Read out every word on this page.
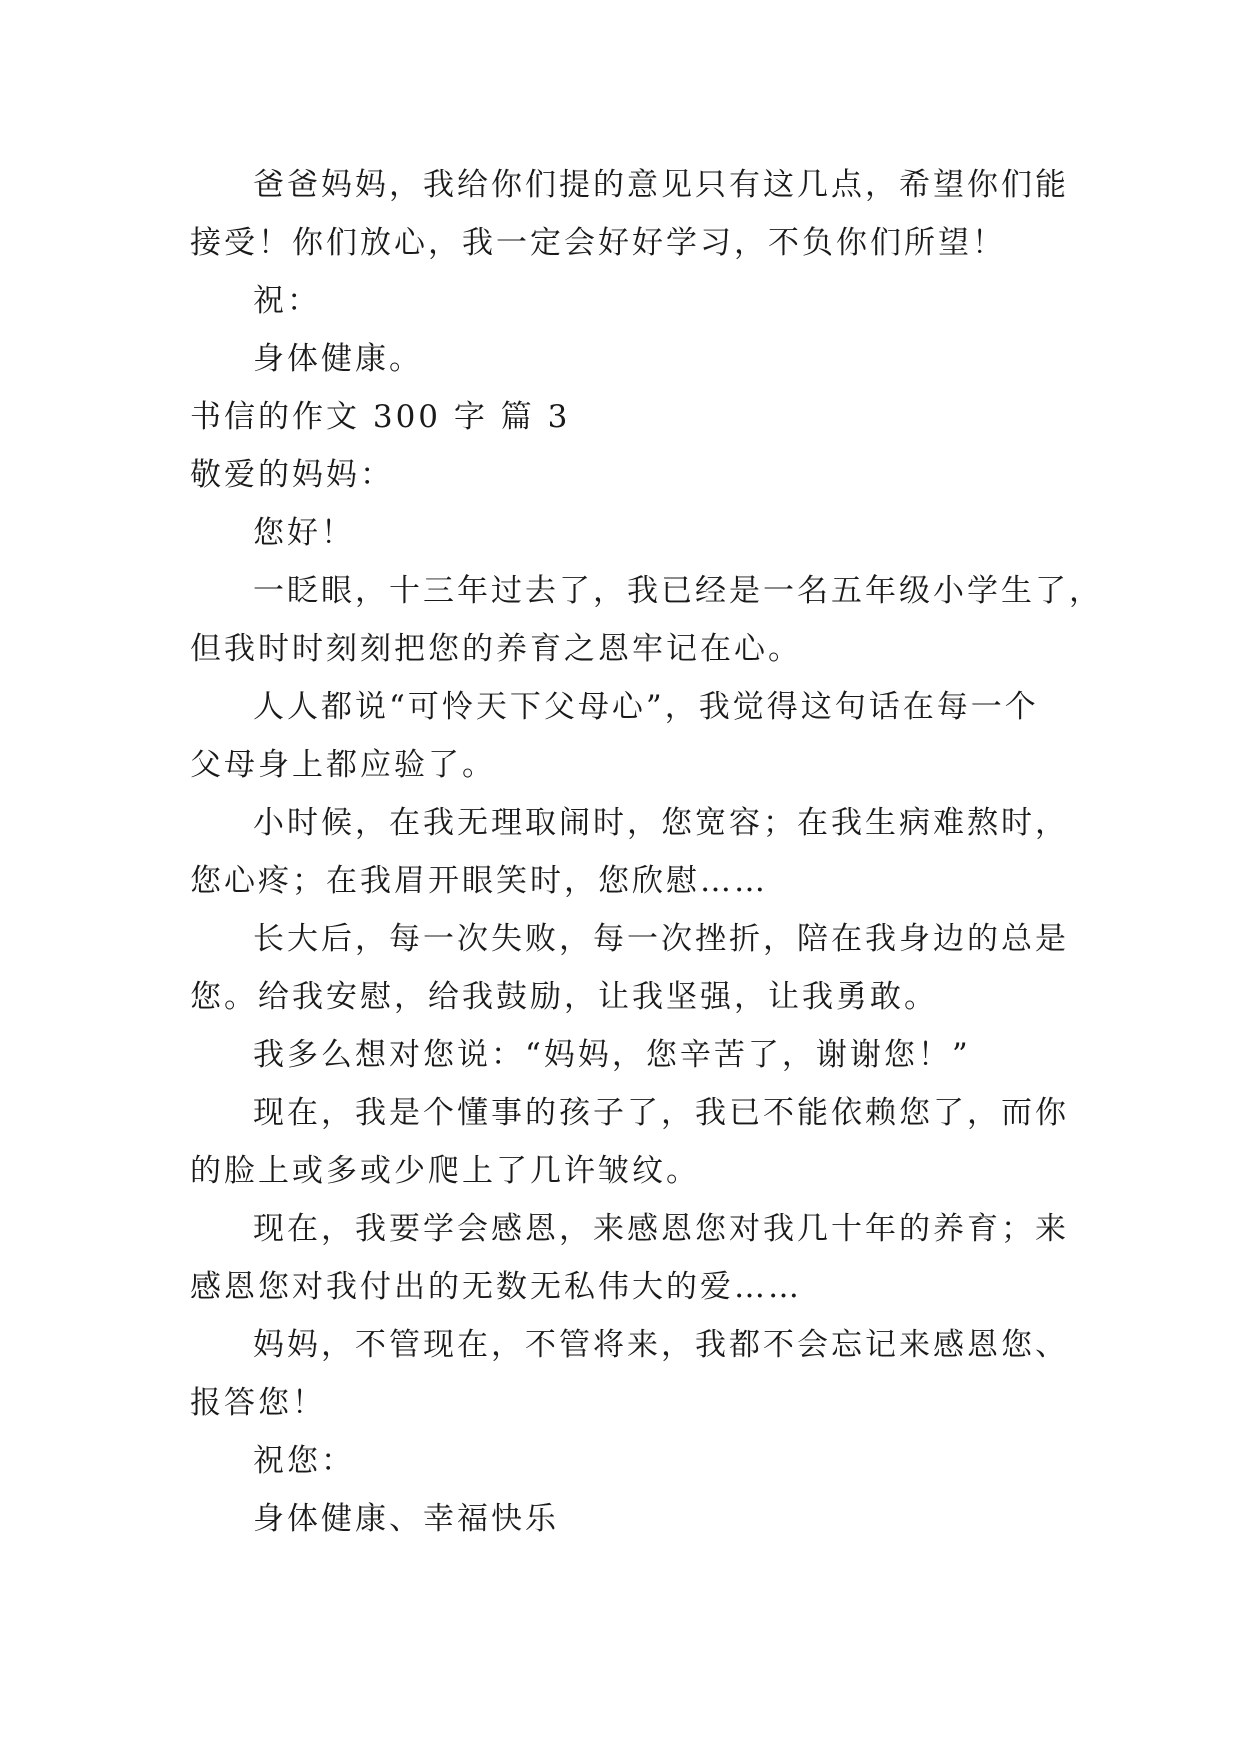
爸爸妈妈，我给你们提的意见只有这几点，希望你们能
接受！你们放心，我一定会好好学习，不负你们所望！
祝：
身体健康。
书信的作文 300 字 篇 3
敬爱的妈妈：
您好！
一眨眼，十三年过去了，我已经是一名五年级小学生了，
但我时时刻刻把您的养育之恩牢记在心。
人人都说“可怜天下父母心”，我觉得这句话在每一个
父母身上都应验了。
小时候，在我无理取闹时，您宽容；在我生病难熬时，
您心疼；在我眉开眼笑时，您欣慰……
长大后，每一次失败，每一次挫折，陪在我身边的总是
您。给我安慰，给我鼓励，让我坚强，让我勇敢。
我多么想对您说：“妈妈，您辛苦了，谢谢您！”
现在，我是个懂事的孩子了，我已不能依赖您了，而你
的脸上或多或少爬上了几许皱纹。
现在，我要学会感恩，来感恩您对我几十年的养育；来
感恩您对我付出的无数无私伟大的爱……
妈妈，不管现在，不管将来，我都不会忘记来感恩您、
报答您！
祝您：
身体健康、幸福快乐
